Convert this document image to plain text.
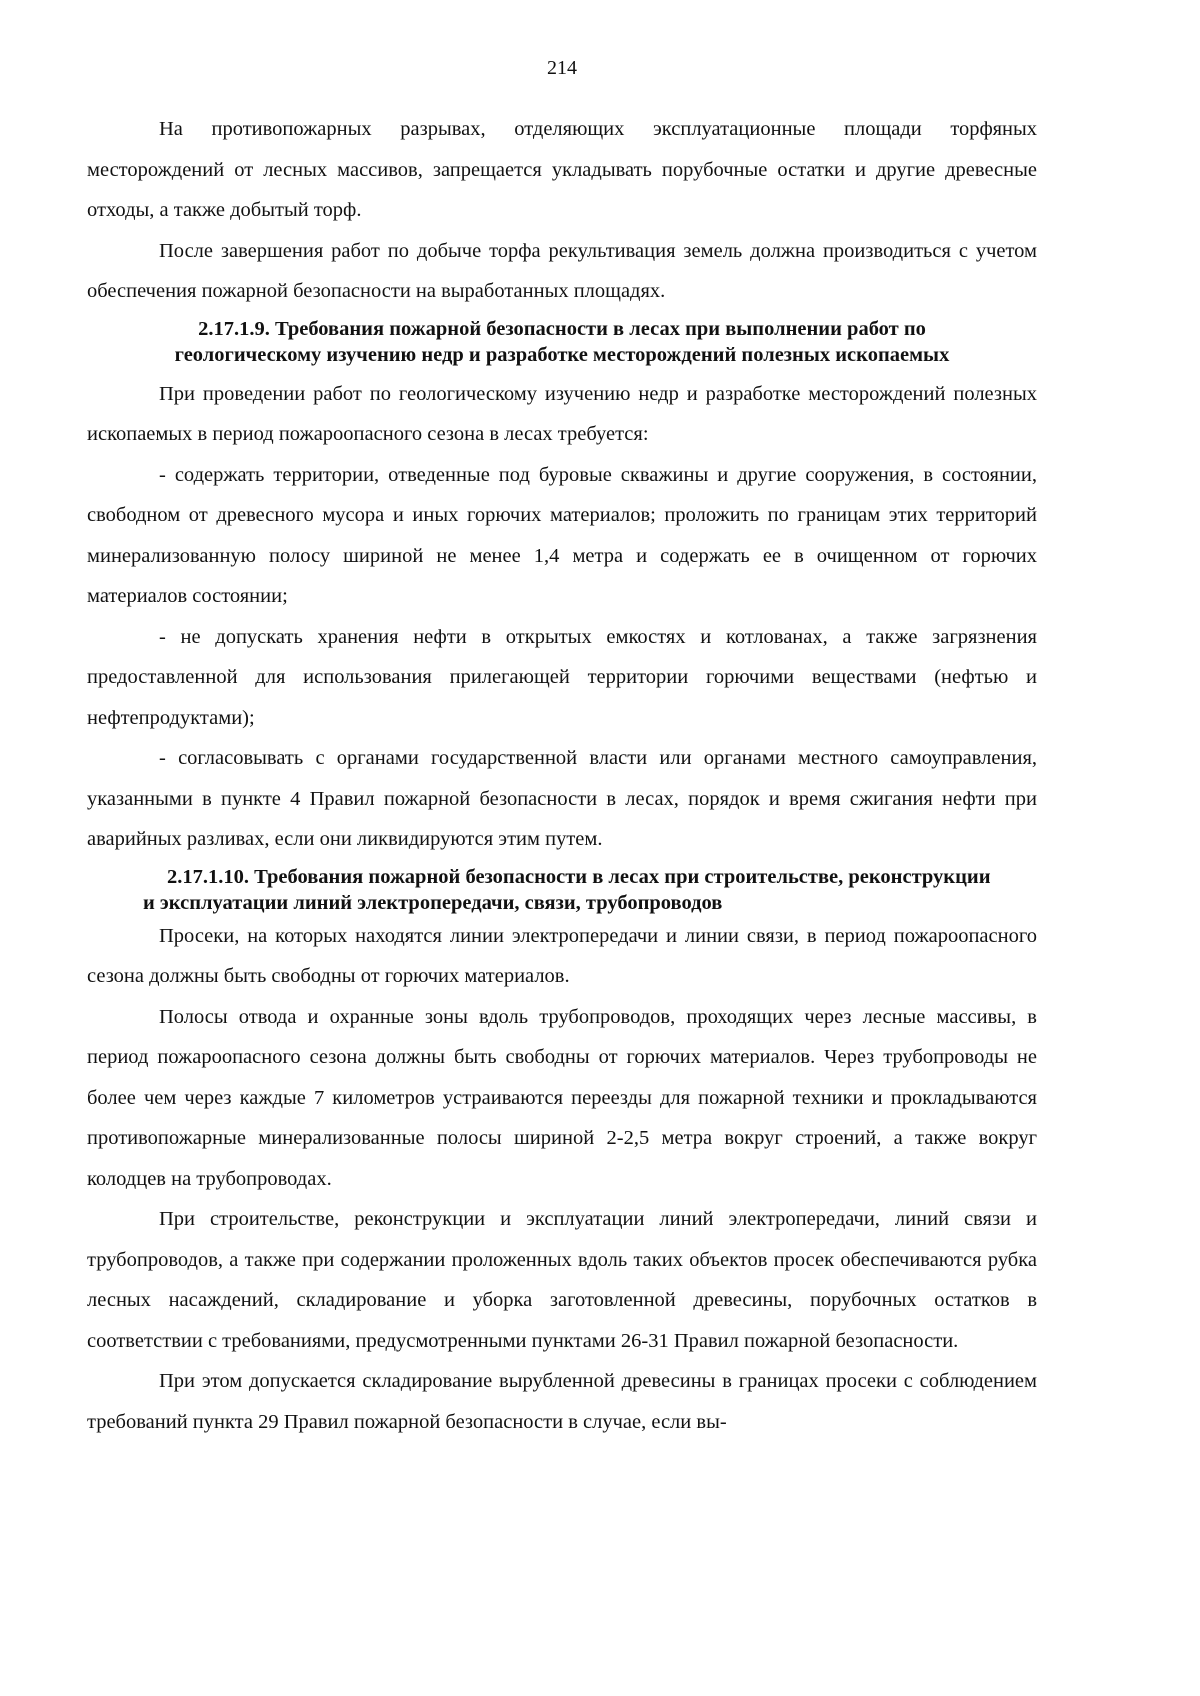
214

На противопожарных разрывах, отделяющих эксплуатационные площади торфяных месторождений от лесных массивов, запрещается укладывать порубочные остатки и другие древесные отходы, а также добытый торф.

После завершения работ по добыче торфа рекультивация земель должна производиться с учетом обеспечения пожарной безопасности на выработанных площадях.

2.17.1.9. Требования пожарной безопасности в лесах при выполнении работ по геологическому изучению недр и разработке месторождений полезных ископаемых

При проведении работ по геологическому изучению недр и разработке месторождений полезных ископаемых в период пожароопасного сезона в лесах требуется:

- содержать территории, отведенные под буровые скважины и другие сооружения, в состоянии, свободном от древесного мусора и иных горючих материалов; проложить по границам этих территорий минерализованную полосу шириной не менее 1,4 метра и содержать ее в очищенном от горючих материалов состоянии;

- не допускать хранения нефти в открытых емкостях и котлованах, а также загрязнения предоставленной для использования прилегающей территории горючими веществами (нефтью и нефтепродуктами);

- согласовывать с органами государственной власти или органами местного самоуправления, указанными в пункте 4 Правил пожарной безопасности в лесах, порядок и время сжигания нефти при аварийных разливах, если они ликвидируются этим путем.

2.17.1.10. Требования пожарной безопасности в лесах при строительстве, реконструкции и эксплуатации линий электропередачи, связи, трубопроводов

Просеки, на которых находятся линии электропередачи и линии связи, в период пожароопасного сезона должны быть свободны от горючих материалов.

Полосы отвода и охранные зоны вдоль трубопроводов, проходящих через лесные массивы, в период пожароопасного сезона должны быть свободны от горючих материалов. Через трубопроводы не более чем через каждые 7 километров устраиваются переезды для пожарной техники и прокладываются противопожарные минерализованные полосы шириной 2-2,5 метра вокруг строений, а также вокруг колодцев на трубопроводах.

При строительстве, реконструкции и эксплуатации линий электропередачи, линий связи и трубопроводов, а также при содержании проложенных вдоль таких объектов просек обеспечиваются рубка лесных насаждений, складирование и уборка заготовленной древесины, порубочных остатков в соответствии с требованиями, предусмотренными пунктами 26-31 Правил пожарной безопасности.

При этом допускается складирование вырубленной древесины в границах просеки с соблюдением требований пункта 29 Правил пожарной безопасности в случае, если вы-
